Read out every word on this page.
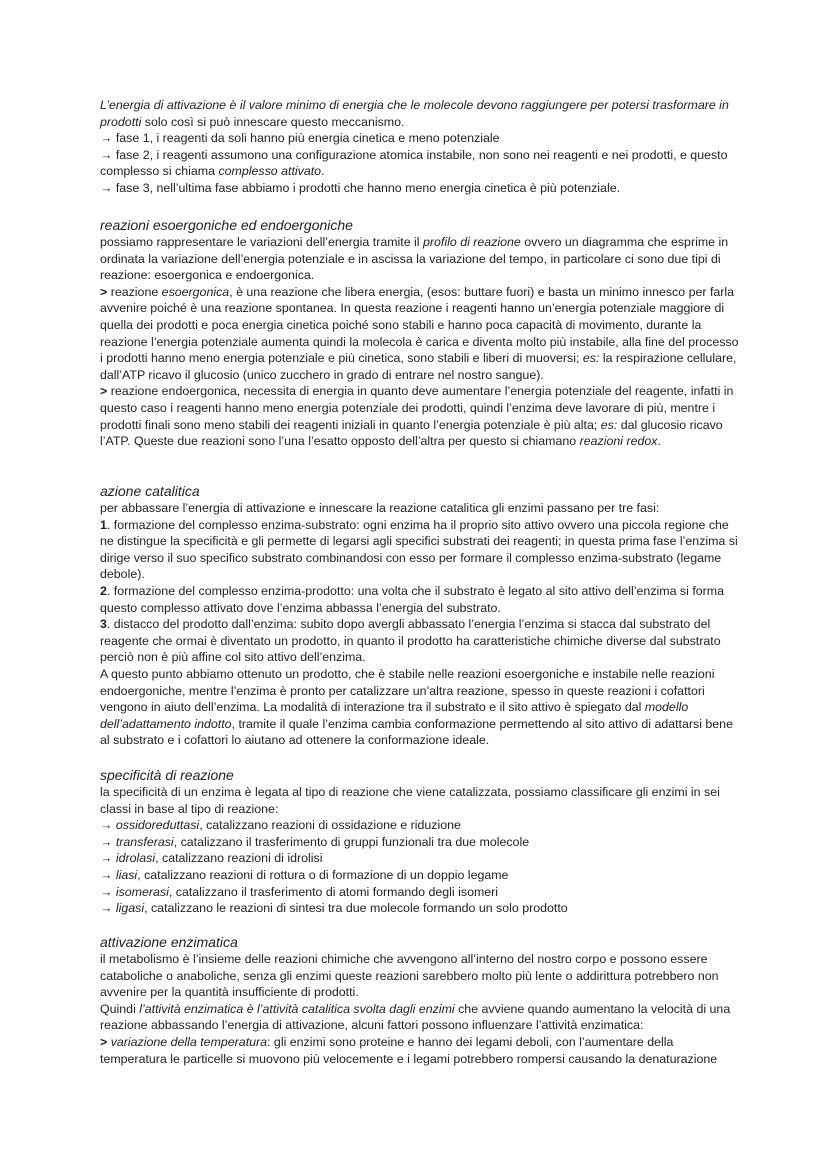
L’energia di attivazione è il valore minimo di energia che le molecole devono raggiungere per potersi trasformare in prodotti solo così si può innescare questo meccanismo.

→ fase 1, i reagenti da soli hanno più energia cinetica e meno potenziale

→ fase 2, i reagenti assumono una configurazione atomica instabile, non sono nei reagenti e nei prodotti, e questo complesso si chiama complesso attivato.

→ fase 3, nell’ultima fase abbiamo i prodotti che hanno meno energia cinetica è più potenziale.

reazioni esoergoniche ed endoergoniche

possiamo rappresentare le variazioni dell’energia tramite il profilo di reazione ovvero un diagramma che esprime in ordinata la variazione dell’energia potenziale e in ascissa la variazione del tempo, in particolare ci sono due tipi di reazione: esoergonica e endoergonica.

> reazione esoergonica, è una reazione che libera energia, (esos: buttare fuori) e basta un minimo innesco per farla avvenire poiché è una reazione spontanea. In questa reazione i reagenti hanno un’energia potenziale maggiore di quella dei prodotti e poca energia cinetica poiché sono stabili e hanno poca capacità di movimento, durante la reazione l’energia potenziale aumenta quindi la molecola è carica e diventa molto più instabile, alla fine del processo i prodotti hanno meno energia potenziale e più cinetica, sono stabili e liberi di muoversi; es: la respirazione cellulare, dall’ATP ricavo il glucosio (unico zucchero in grado di entrare nel nostro sangue).

> reazione endoergonica, necessita di energia in quanto deve aumentare l’energia potenziale del reagente, infatti in questo caso i reagenti hanno meno energia potenziale dei prodotti, quindi l’enzima deve lavorare di più, mentre i prodotti finali sono meno stabili dei reagenti iniziali in quanto l’energia potenziale è più alta; es: dal glucosio ricavo l’ATP. Queste due reazioni sono l’una l’esatto opposto dell’altra per questo si chiamano reazioni redox.

azione catalitica

per abbassare l’energia di attivazione e innescare la reazione catalitica gli enzimi passano per tre fasi:

1. formazione del complesso enzima-substrato: ogni enzima ha il proprio sito attivo ovvero una piccola regione che ne distingue la specificità e gli permette di legarsi agli specifici substrati dei reagenti; in questa prima fase l’enzima si dirige verso il suo specifico substrato combinandosi con esso per formare il complesso enzima-substrato (legame debole).

2. formazione del complesso enzima-prodotto: una volta che il substrato è legato al sito attivo dell’enzima si forma questo complesso attivato dove l’enzima abbassa l’energia del substrato.

3. distacco del prodotto dall’enzima: subito dopo avergli abbassato l’energia l’enzima si stacca dal substrato del reagente che ormai è diventato un prodotto, in quanto il prodotto ha caratteristiche chimiche diverse dal substrato perciò non è più affine col sito attivo dell’enzima.

A questo punto abbiamo ottenuto un prodotto, che è stabile nelle reazioni esoergoniche e instabile nelle reazioni endoergoniche, mentre l’enzima è pronto per catalizzare un’altra reazione, spesso in queste reazioni i cofattori vengono in aiuto dell’enzima. La modalità di interazione tra il substrato e il sito attivo è spiegato dal modello dell’adattamento indotto, tramite il quale l’enzima cambia conformazione permettendo al sito attivo di adattarsi bene al substrato e i cofattori lo aiutano ad ottenere la conformazione ideale.

specificità di reazione

la specificità di un enzima è legata al tipo di reazione che viene catalizzata, possiamo classificare gli enzimi in sei classi in base al tipo di reazione:

→ ossidoreduttasi, catalizzano reazioni di ossidazione e riduzione

→ transferasi, catalizzano il trasferimento di gruppi funzionali tra due molecole

→ idrolasi, catalizzano reazioni di idrolisi

→ liasi, catalizzano reazioni di rottura o di formazione di un doppio legame

→ isomerasi, catalizzano il trasferimento di atomi formando degli isomeri

→ ligasi, catalizzano le reazioni di sintesi tra due molecole formando un solo prodotto

attivazione enzimatica

il metabolismo è l’insieme delle reazioni chimiche che avvengono all’interno del nostro corpo e possono essere cataboliche o anaboliche, senza gli enzimi queste reazioni sarebbero molto più lente o addirittura potrebbero non avvenire per la quantità insufficiente di prodotti.

Quindi l’attività enzimatica è l’attività catalitica svolta dagli enzimi che avviene quando aumentano la velocità di una reazione abbassando l’energia di attivazione, alcuni fattori possono influenzare l’attività enzimatica:

> variazione della temperatura: gli enzimi sono proteine e hanno dei legami deboli, con l’aumentare della temperatura le particelle si muovono più velocemente e i legami potrebbero rompersi causando la denaturazione
